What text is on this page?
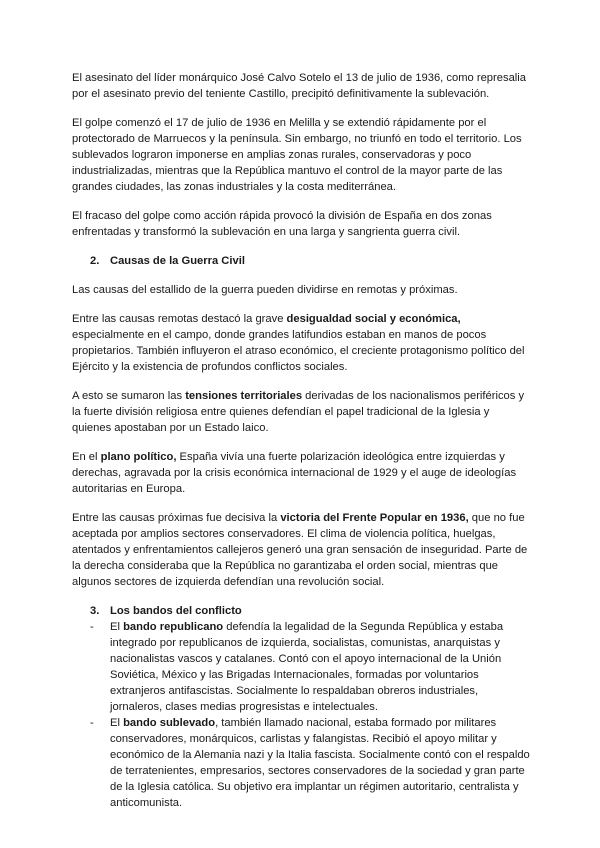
El asesinato del líder monárquico José Calvo Sotelo el 13 de julio de 1936, como represalia por el asesinato previo del teniente Castillo, precipitó definitivamente la sublevación.

El golpe comenzó el 17 de julio de 1936 en Melilla y se extendió rápidamente por el protectorado de Marruecos y la península. Sin embargo, no triunfó en todo el territorio. Los sublevados lograron imponerse en amplias zonas rurales, conservadoras y poco industrializadas, mientras que la República mantuvo el control de la mayor parte de las grandes ciudades, las zonas industriales y la costa mediterránea.

El fracaso del golpe como acción rápida provocó la división de España en dos zonas enfrentadas y transformó la sublevación en una larga y sangrienta guerra civil.

2. Causas de la Guerra Civil

Las causas del estallido de la guerra pueden dividirse en remotas y próximas.

Entre las causas remotas destacó la grave desigualdad social y económica, especialmente en el campo, donde grandes latifundios estaban en manos de pocos propietarios. También influyeron el atraso económico, el creciente protagonismo político del Ejército y la existencia de profundos conflictos sociales.

A esto se sumaron las tensiones territoriales derivadas de los nacionalismos periféricos y la fuerte división religiosa entre quienes defendían el papel tradicional de la Iglesia y quienes apostaban por un Estado laico.

En el plano político, España vivía una fuerte polarización ideológica entre izquierdas y derechas, agravada por la crisis económica internacional de 1929 y el auge de ideologías autoritarias en Europa.

Entre las causas próximas fue decisiva la victoria del Frente Popular en 1936, que no fue aceptada por amplios sectores conservadores. El clima de violencia política, huelgas, atentados y enfrentamientos callejeros generó una gran sensación de inseguridad. Parte de la derecha consideraba que la República no garantizaba el orden social, mientras que algunos sectores de izquierda defendían una revolución social.

3. Los bandos del conflicto
- El bando republicano defendía la legalidad de la Segunda República y estaba integrado por republicanos de izquierda, socialistas, comunistas, anarquistas y nacionalistas vascos y catalanes. Contó con el apoyo internacional de la Unión Soviética, México y las Brigadas Internacionales, formadas por voluntarios extranjeros antifascistas. Socialmente lo respaldaban obreros industriales, jornaleros, clases medias progresistas e intelectuales.
- El bando sublevado, también llamado nacional, estaba formado por militares conservadores, monárquicos, carlistas y falangistas. Recibió el apoyo militar y económico de la Alemania nazi y la Italia fascista. Socialmente contó con el respaldo de terratenientes, empresarios, sectores conservadores de la sociedad y gran parte de la Iglesia católica. Su objetivo era implantar un régimen autoritario, centralista y anticomunista.
